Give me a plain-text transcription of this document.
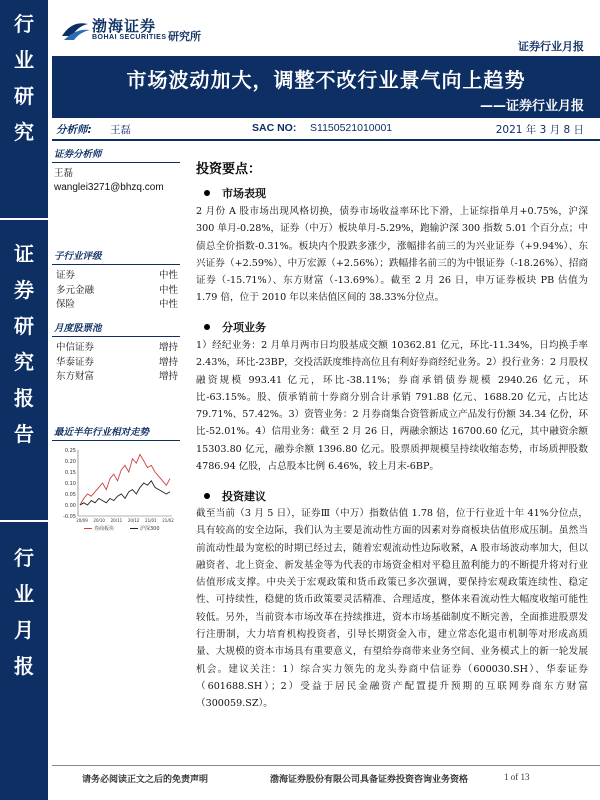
行
业
研
究
证
券
研
究
报
告
行
业
月
报
渤海证券
BOHAI SECURITIES 研究所
证券行业月报
市场波动加大，调整不改行业景气向上趋势
——证券行业月报
分析师: 王磊	SAC NO: S1150521010001	2021 年 3 月 8 日
证券分析师
王磊
wanglei3271@bhzq.com
子行业评级
证券	中性
多元金融	中性
保险	中性
月度股票池
中信证券	增持
华泰证券	增持
东方财富	增持
最近半年行业相对走势
0.25
0.20
0.15
0.10
0.05
0.00
-0.05
20/09 20/10 20/11 20/12 21/01 21/02
券商板块	沪深300
投资要点：
市场表现
2 月份 A 股市场出现风格切换，债券市场收益率环比下滑，上证综指单月+0.75%，沪深 300 单月-0.28%，证券（中万）板块单月-5.29%，跑输沪深 300 指数 5.01 个百分点；中债总全价指数-0.31%。板块内个股跌多涨少，涨幅排名前三的为兴业证券（+9.94%）、东兴证券（+2.59%）、中万宏源（+2.56%）；跌幅排名前三的为中银证券（-18.26%）、招商证券（-15.71%）、东方财富（-13.69%）。截至 2 月 26 日，申万证券板块 PB 估值为 1.79 倍，位于 2010 年以来估值区间的 38.33%分位点。
分项业务
1）经纪业务：2 月单月两市日均股基成交额 10362.81 亿元，环比-11.34%，日均换手率 2.43%，环比-23BP，交投活跃度维持高位且有利好券商经纪业务。2）投行业务：2 月股权融资规模 993.41 亿元，环比-38.11%；券商承销债券规模 2940.26 亿元，环比-63.15%。股、债承销前十券商分别合计承销 791.88 亿元、1688.20 亿元，占比达 79.71%、57.42%。3）资管业务：2 月券商集合资管新成立产品发行份额 34.34 亿份，环比-52.01%。4）信用业务：截至 2 月 26 日，两融余额达 16700.60 亿元，其中融资余额 15303.80 亿元，融券余额 1396.80 亿元。股票质押规模呈持续收缩态势，市场质押股数 4786.94 亿股，占总股本比例 6.46%，较上月末-6BP。
投资建议
截至当前（3 月 5 日），证券Ⅲ（中万）指数估值 1.78 倍，位于行业近十年 41%分位点，具有较高的安全边际，我们认为主要是流动性方面的因素对券商板块估值形成压制。虽然当前流动性最为宽松的时期已经过去，随着宏观流动性边际收紧，A 股市场波动率加大，但以融资者、北上资金、新发基金等为代表的市场资金相对平稳且盈利能力的不断提升将对行业估值形成支撑。中央关于宏观政策和货币政策已多次强调，要保持宏观政策连续性、稳定性、可持续性，稳健的货币政策要灵活精准、合理适度，整体来看流动性大幅度收缩可能性较低。另外，当前资本市场改革在持续推进，资本市场基础制度不断完善，全面推进股票发行注册制，大力培育机构投资者，引导长期资金入市，建立常态化退市机制等对形成高质量、大规模的资本市场具有重要意义，有望给券商带来业务空间、业务模式上的新一轮发展机会。建议关注：1）综合实力领先的龙头券商中信证券（600030.SH）、华泰证券（601688.SH）；2）受益于居民金融资产配置提升预期的互联网券商东方财富（300059.SZ）。
请务必阅读正文之后的免责声明	渤海证券股份有限公司具备证券投资咨询业务资格	1 of 13
